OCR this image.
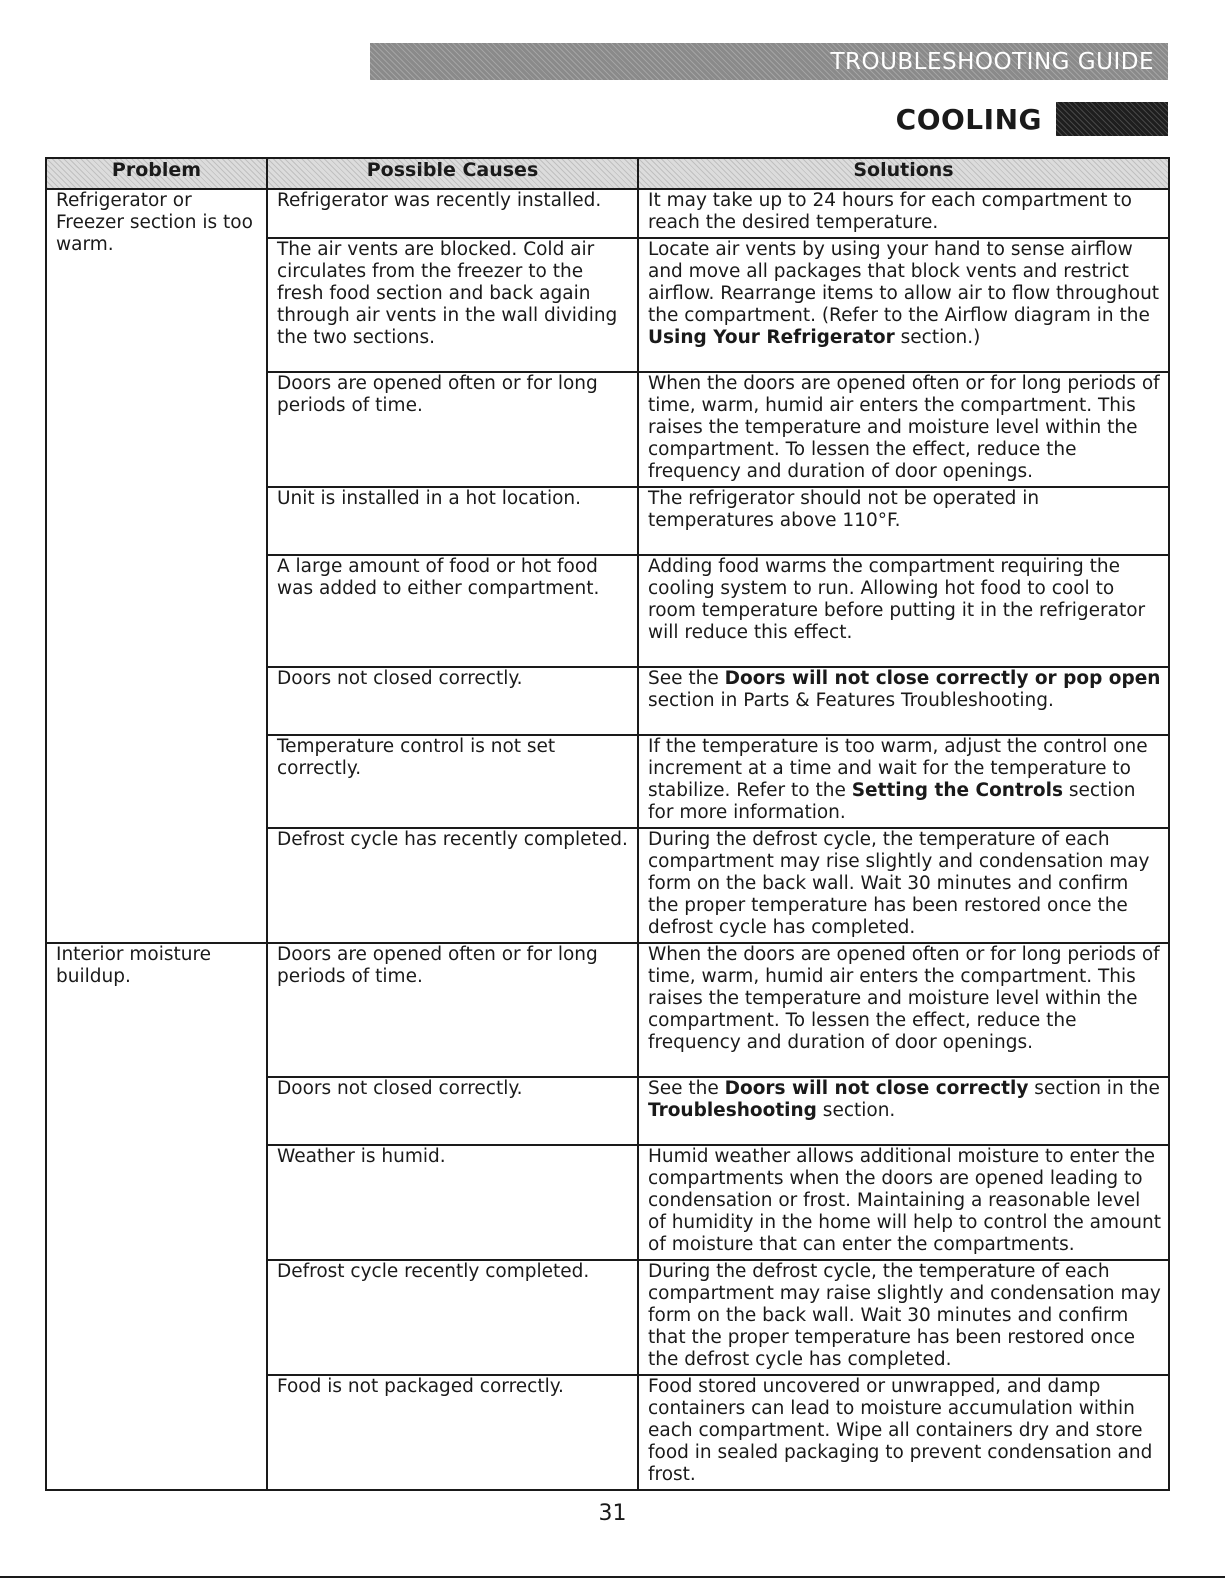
TROUBLESHOOTING GUIDE
COOLING
Problem	Possible Causes	Solutions
Refrigerator or Freezer section is too warm.	Refrigerator was recently installed.	It may take up to 24 hours for each compartment to reach the desired temperature.
	The air vents are blocked. Cold air circulates from the freezer to the fresh food section and back again through air vents in the wall dividing the two sections.	Locate air vents by using your hand to sense airflow and move all packages that block vents and restrict airflow. Rearrange items to allow air to flow throughout the compartment. (Refer to the Airflow diagram in the Using Your Refrigerator section.)
	Doors are opened often or for long periods of time.	When the doors are opened often or for long periods of time, warm, humid air enters the compartment. This raises the temperature and moisture level within the compartment. To lessen the effect, reduce the frequency and duration of door openings.
	Unit is installed in a hot location.	The refrigerator should not be operated in temperatures above 110°F.
	A large amount of food or hot food was added to either compartment.	Adding food warms the compartment requiring the cooling system to run. Allowing hot food to cool to room temperature before putting it in the refrigerator will reduce this effect.
	Doors not closed correctly.	See the Doors will not close correctly or pop open section in Parts & Features Troubleshooting.
	Temperature control is not set correctly.	If the temperature is too warm, adjust the control one increment at a time and wait for the temperature to stabilize. Refer to the Setting the Controls section for more information.
	Defrost cycle has recently completed.	During the defrost cycle, the temperature of each compartment may rise slightly and condensation may form on the back wall. Wait 30 minutes and confirm the proper temperature has been restored once the defrost cycle has completed.
Interior moisture buildup.	Doors are opened often or for long periods of time.	When the doors are opened often or for long periods of time, warm, humid air enters the compartment. This raises the temperature and moisture level within the compartment. To lessen the effect, reduce the frequency and duration of door openings.
	Doors not closed correctly.	See the Doors will not close correctly section in the Troubleshooting section.
	Weather is humid.	Humid weather allows additional moisture to enter the compartments when the doors are opened leading to condensation or frost. Maintaining a reasonable level of humidity in the home will help to control the amount of moisture that can enter the compartments.
	Defrost cycle recently completed.	During the defrost cycle, the temperature of each compartment may raise slightly and condensation may form on the back wall. Wait 30 minutes and confirm that the proper temperature has been restored once the defrost cycle has completed.
	Food is not packaged correctly.	Food stored uncovered or unwrapped, and damp containers can lead to moisture accumulation within each compartment. Wipe all containers dry and store food in sealed packaging to prevent condensation and frost.
31
